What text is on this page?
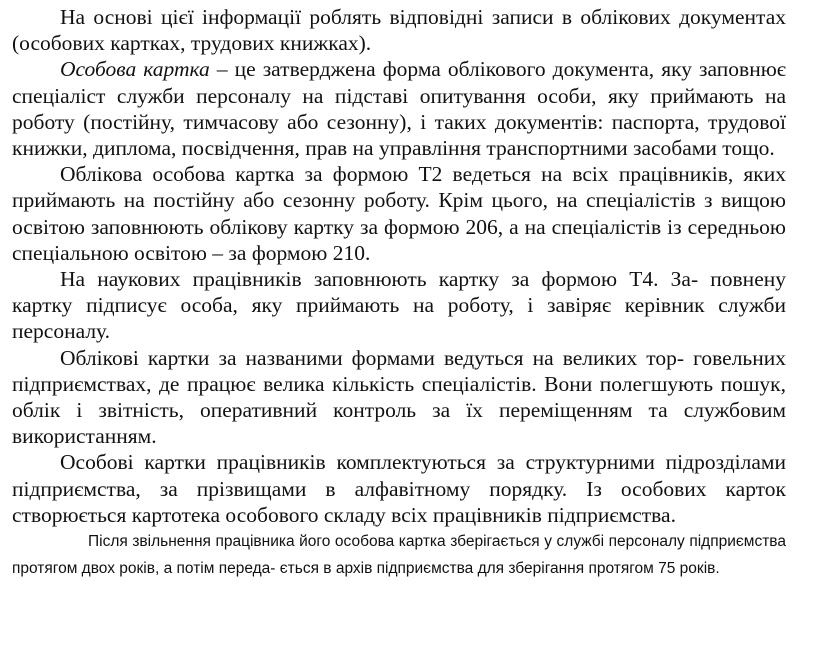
На основі цієї інформації роблять відповідні записи в облікових документах (особових картках, трудових книжках).

Особова картка – це затверджена форма облікового документа, яку заповнює спеціаліст служби персоналу на підставі опитування особи, яку приймають на роботу (постійну, тимчасову або сезонну), і таких документів: паспорта, трудової книжки, диплома, посвідчення, прав на управління транспортними засобами тощо.

Облікова особова картка за формою Т2 ведеться на всіх працівників, яких приймають на постійну або сезонну роботу. Крім цього, на спеціалістів з вищою освітою заповнюють облікову картку за формою 206, а на спеціалістів із середньою спеціальною освітою – за формою 210.

На наукових працівників заповнюють картку за формою Т4. За- повнену картку підписує особа, яку приймають на роботу, і завіряє керівник служби персоналу.

Облікові картки за названими формами ведуться на великих тор- говельних підприємствах, де працює велика кількість спеціалістів. Вони полегшують пошук, облік і звітність, оперативний контроль за їх переміщенням та службовим використанням.

Особові картки працівників комплектуються за структурними підрозділами підприємства, за прізвищами в алфавітному порядку. Із особових карток створюється картотека особового складу всіх працівників підприємства.

Після звільнення працівника його особова картка зберігається у службі персоналу підприємства протягом двох років, а потім переда- ється в архів підприємства для зберігання протягом 75 років.
